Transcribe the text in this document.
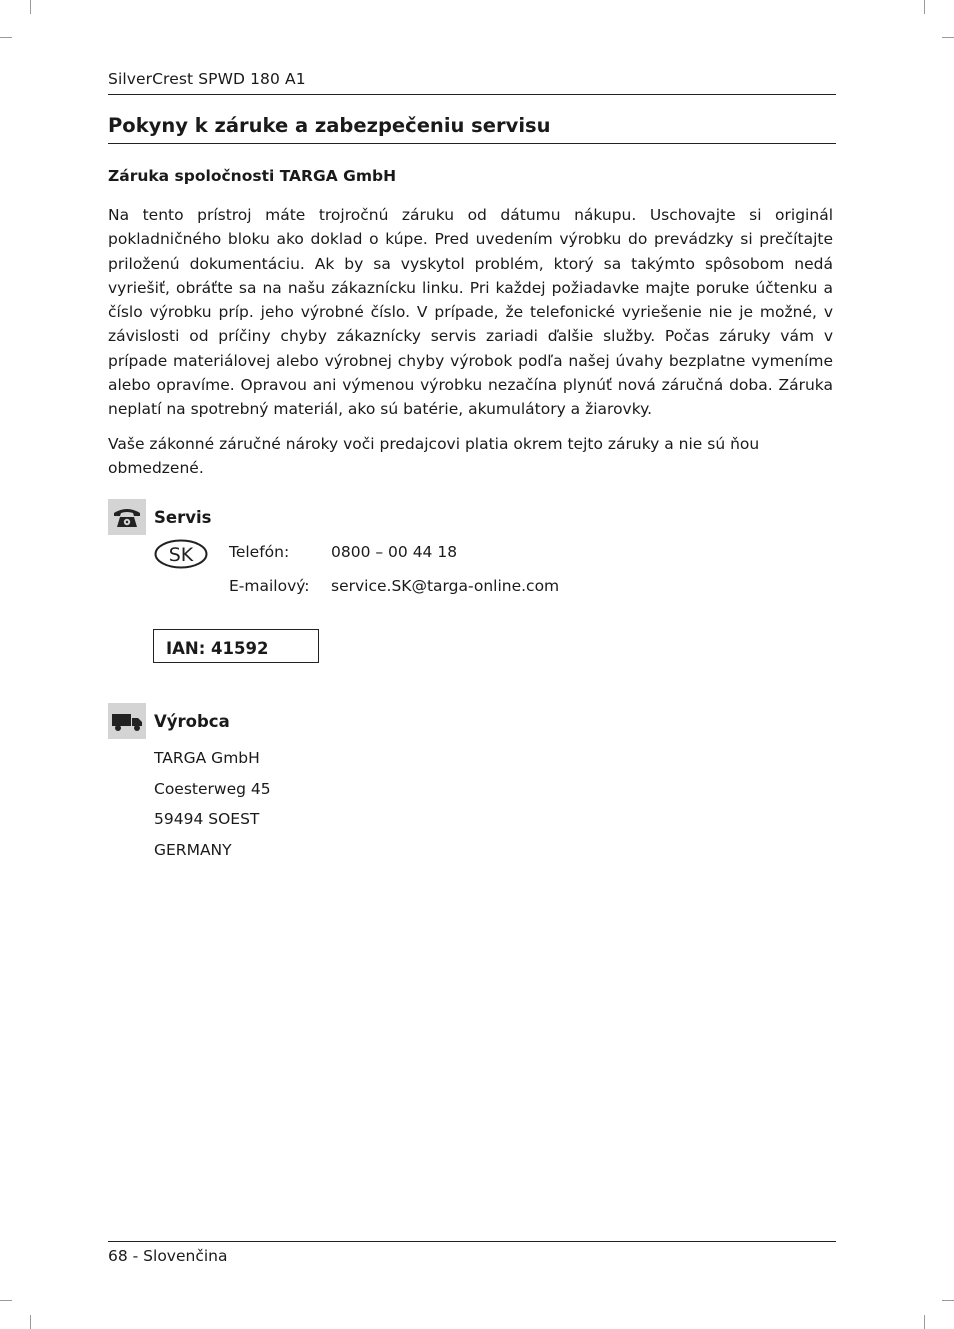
SilverCrest SPWD 180 A1
Pokyny k záruke a zabezpečeniu servisu
Záruka spoločnosti TARGA GmbH

Na tento prístroj máte trojročnú záruku od dátumu nákupu. Uschovajte si originál pokladničného bloku ako doklad o kúpe. Pred uvedením výrobku do prevádzky si prečítajte priloženú dokumentáciu. Ak by sa vyskytol problém, ktorý sa takýmto spôsobom nedá vyriešiť, obráťte sa na našu zákaznícku linku. Pri každej požiadavke majte poruke účtenku a číslo výrobku príp. jeho výrobné číslo. V prípade, že telefonické vyriešenie nie je možné, v závislosti od príčiny chyby zákaznícky servis zariadi ďalšie služby. Počas záruky vám v prípade materiálovej alebo výrobnej chyby výrobok podľa našej úvahy bezplatne vymeníme alebo opravíme. Opravou ani výmenou výrobku nezačína plynúť nová záručná doba. Záruka neplatí na spotrebný materiál, ako sú batérie, akumulátory a žiarovky.

Vaše zákonné záručné nároky voči predajcovi platia okrem tejto záruky a nie sú ňou obmedzené.

Servis
SK Telefón:	0800 – 00 44 18
E-mailový: service.SK@targa-online.com
IAN: 41592
Výrobca
TARGA GmbH
Coesterweg 45
59494 SOEST
GERMANY
68 - Slovenčina
